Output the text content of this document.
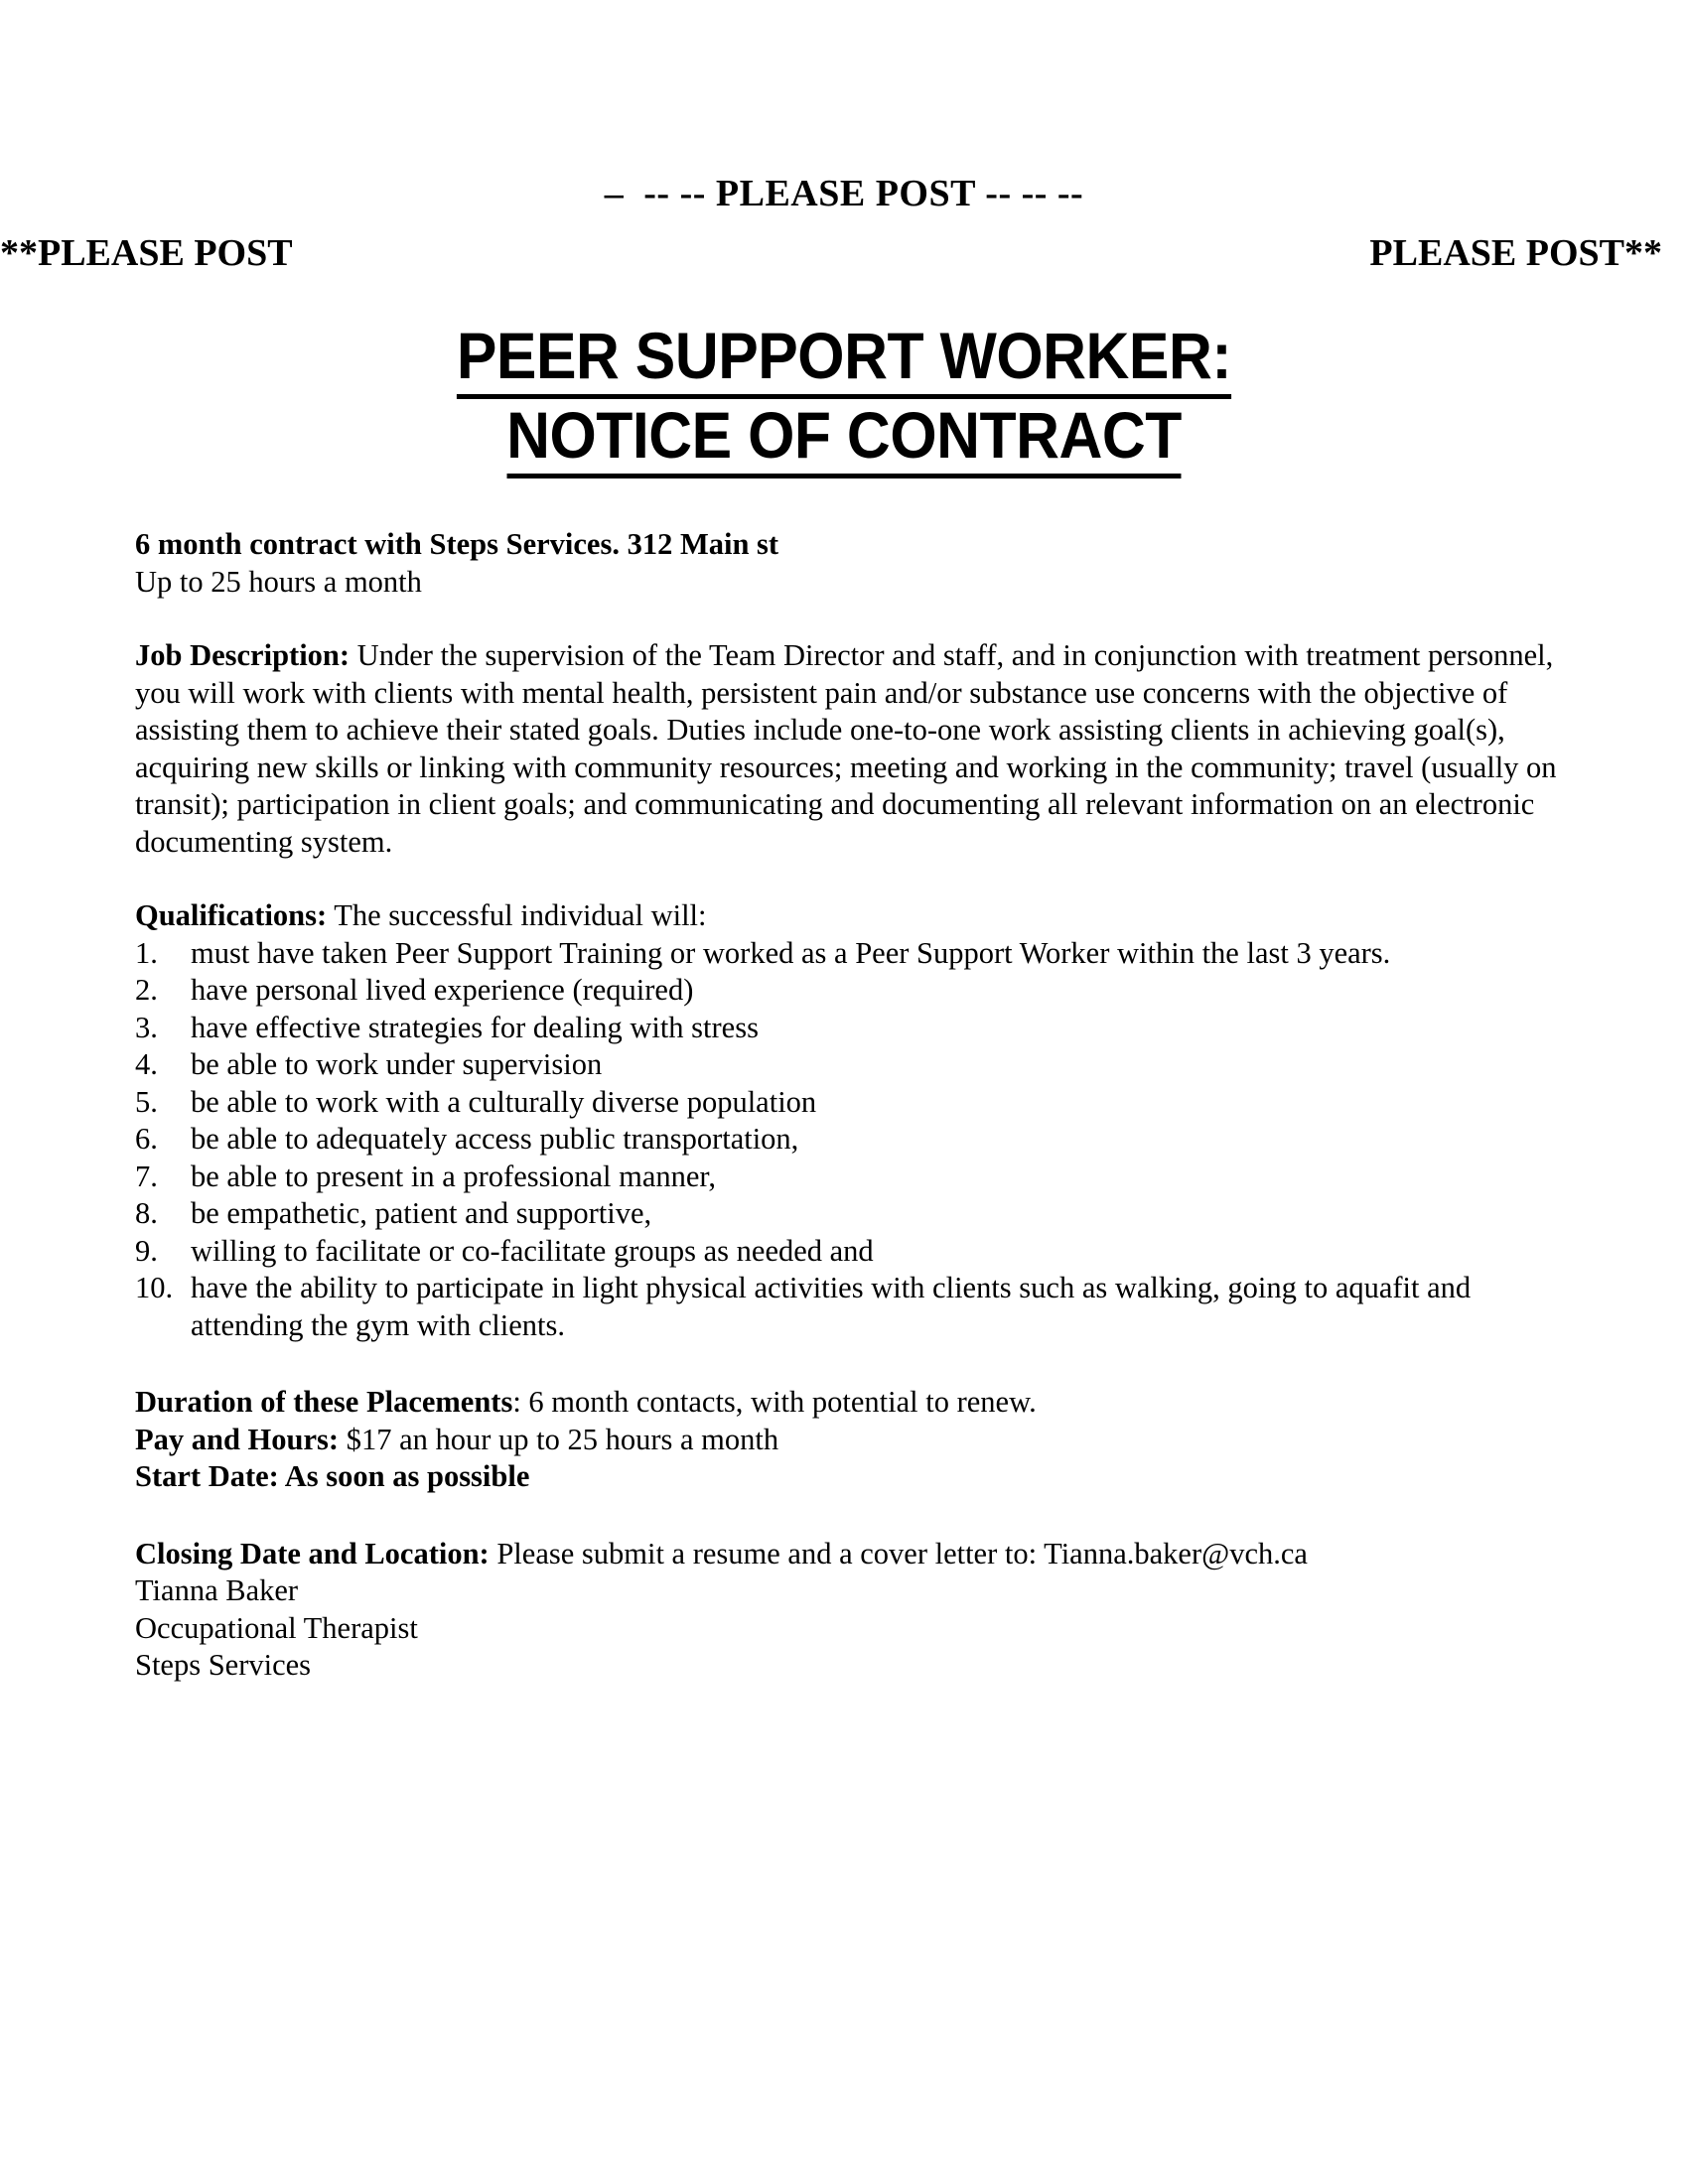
–  -- -- PLEASE POST -- -- --
**PLEASE POST	PLEASE POST**
PEER SUPPORT WORKER:
NOTICE OF CONTRACT

6 month contract with Steps Services. 312 Main st

Up to 25 hours a month

Job Description: Under the supervision of the Team Director and staff, and in conjunction with treatment personnel, you will work with clients with mental health, persistent pain and/or substance use concerns with the objective of assisting them to achieve their stated goals. Duties include one-to-one work assisting clients in achieving goal(s), acquiring new skills or linking with community resources; meeting and working in the community; travel (usually on transit); participation in client goals; and communicating and documenting all relevant information on an electronic documenting system.

Qualifications: The successful individual will:

1.	must have taken Peer Support Training or worked as a Peer Support Worker within the last 3 years.
2.	have personal lived experience (required)
3.	have effective strategies for dealing with stress
4.	be able to work under supervision
5.	be able to work with a culturally diverse population
6.	be able to adequately access public transportation,
7.	be able to present in a professional manner,
8.	be empathetic, patient and supportive,
9.	willing to facilitate or co-facilitate groups as needed and
10. have the ability to participate in light physical activities with clients such as walking, going to aquafit and attending the gym with clients.

Duration of these Placements: 6 month contacts, with potential to renew.

Pay and Hours: $17 an hour up to 25 hours a month

Start Date: As soon as possible

Closing Date and Location: Please submit a resume and a cover letter to: Tianna.baker@vch.ca

Tianna Baker

Occupational Therapist

Steps Services
